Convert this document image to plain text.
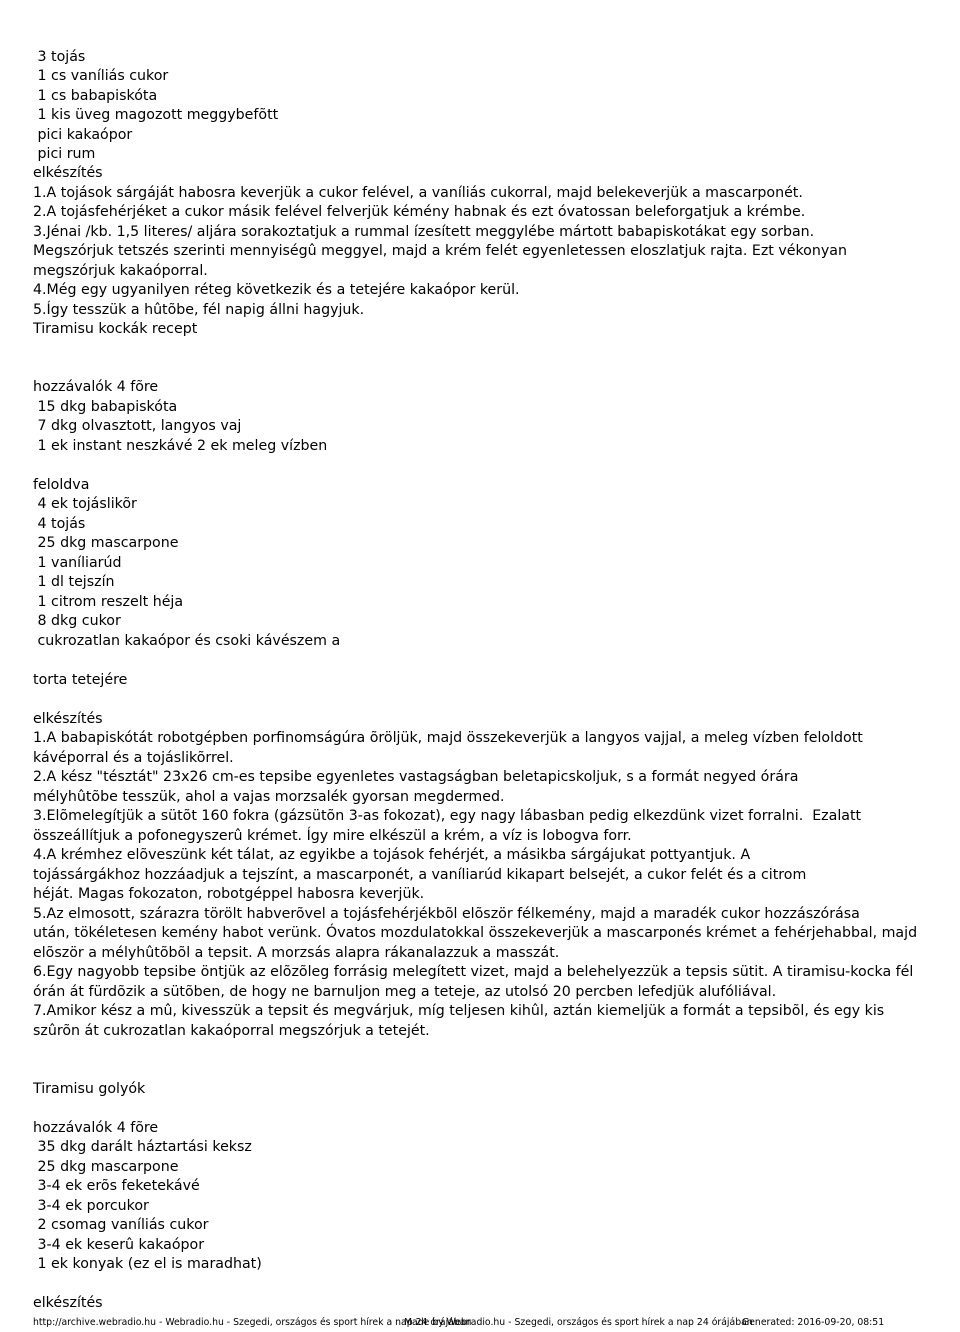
3 tojás
1 cs vaníliás cukor
1 cs babapiskóta
1 kis üveg magozott meggybefõtt
pici kakaópor
pici rum
elkészítés
1.A tojások sárgáját habosra keverjük a cukor felével, a vaníliás cukorral, majd belekeverjük a mascarponét.
2.A tojásfehérjéket a cukor másik felével felverjük kémény habnak és ezt óvatossan beleforgatjuk a krémbe.
3.Jénai /kb. 1,5 literes/ aljára sorakoztatjuk a rummal ízesített meggylébe mártott babapiskotákat egy sorban.
Megszórjuk tetszés szerinti mennyiségû meggyel, majd a krém felét egyenletessen eloszlatjuk rajta. Ezt vékonyan
megszórjuk kakaóporral.
4.Még egy ugyanilyen réteg következik és a tetejére kakaópor kerül.
5.Így tesszük a hûtõbe, fél napig állni hagyjuk.
Tiramisu kockák recept
hozzávalók 4 fõre
15 dkg babapiskóta
7 dkg olvasztott, langyos vaj
1 ek instant neszkávé 2 ek meleg vízben
feloldva
4 ek tojáslikõr
4 tojás
25 dkg mascarpone
1 vaníliarúd
1 dl tejszín
1 citrom reszelt héja
8 dkg cukor
cukrozatlan kakaópor és csoki kávészem a
torta tetejére
elkészítés
1.A babapiskótát robotgépben porfinomságúra õröljük, majd összekeverjük a langyos vajjal, a meleg vízben feloldott
kávéporral és a tojáslikõrrel.
2.A kész "tésztát" 23x26 cm-es tepsibe egyenletes vastagságban beletapicskoljuk, s a formát negyed órára
mélyhûtõbe tesszük, ahol a vajas morzsalék gyorsan megdermed.
3.Elõmelegítjük a sütõt 160 fokra (gázsütõn 3-as fokozat), egy nagy lábasban pedig elkezdünk vizet forralni.  Ezalatt
összeállítjuk a pofonegyszerû krémet. Így mire elkészül a krém, a víz is lobogva forr.
4.A krémhez elõveszünk két tálat, az egyikbe a tojások fehérjét, a másikba sárgájukat pottyantjuk. A
tojássárgákhoz hozzáadjuk a tejszínt, a mascarponét, a vaníliarúd kikapart belsejét, a cukor felét és a citrom
héját. Magas fokozaton, robotgéppel habosra keverjük.
5.Az elmosott, szárazra törölt habverõvel a tojásfehérjékbõl elõször félkemény, majd a maradék cukor hozzászórása
után, tökéletesen kemény habot verünk. Óvatos mozdulatokkal összekeverjük a mascarponés krémet a fehérjehabbal, majd
elõször a mélyhûtõbõl a tepsit. A morzsás alapra rákanalazzuk a masszát.
6.Egy nagyobb tepsibe öntjük az elõzõleg forrásig melegített vizet, majd a belehelyezzük a tepsis sütit. A tiramisu-kocka fél
órán át fürdõzik a sütõben, de hogy ne barnuljon meg a teteje, az utolsó 20 percben lefedjük alufóliával.
7.Amikor kész a mû, kivesszük a tepsit és megvárjuk, míg teljesen kihûl, aztán kiemeljük a formát a tepsibõl, és egy kis
szûrõn át cukrozatlan kakaóporral megszórjuk a tetejét.
Tiramisu golyók
hozzávalók 4 fõre
35 dkg darált háztartási keksz
25 dkg mascarpone
3-4 ek erõs feketekávé
3-4 ek porcukor
2 csomag vaníliás cukor
3-4 ek keserû kakaópor
1 ek konyak (ez el is maradhat)
elkészítés
http://archive.webradio.hu - Webradio.hu - Szegedi, országos és sport hírek a nap 24 órájában
Made by Webradio.hu - Szegedi, országos és sport hírek a nap 24 órájában
Generated: 2016-09-20, 08:51
